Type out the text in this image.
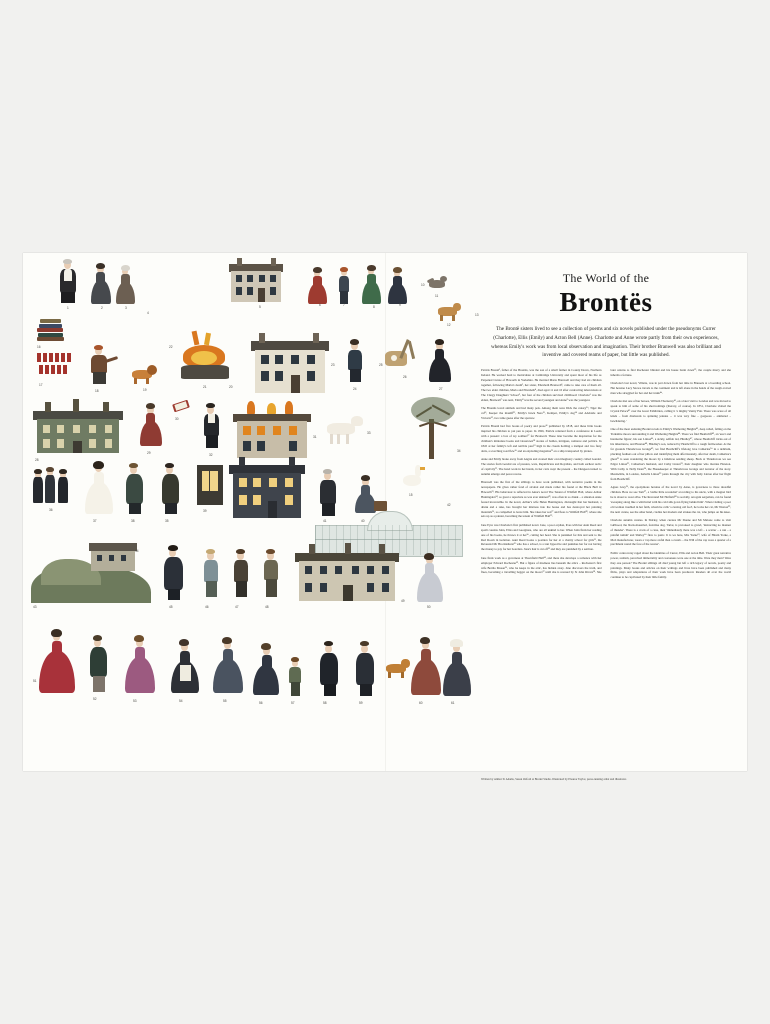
1	2	3	5	6	7	8	9
11
12
16
17
18	19
21
23
24
26
27
28
29
30
32
31
33
34
36
37	38	35
39
41	40
15
42
43
44
45	46	47	48
49
50
51
52	53	54	55	56	57	58	59	60	61
4
10
13
20
22
25
The World of the
Brontës
The Brontë sisters lived to see a collection of poems and six novels published under the pseudonyms Currer (Charlotte), Ellis (Emily) and Acton Bell (Anne). Charlotte and Anne wrote partly from their own experiences, whereas Emily's work was from local observation and imagination. Their brother Branwell was also brilliant and inventive and covered reams of paper, but little was published.

Patrick Brontë¹, father of the Brontës, was the son of a small farmer in County Down, Northern Ireland. He worked hard to matriculate at Cambridge University and spent most of his life as Perpetual Curate of Haworth in Yorkshire. He married Maria Branwell and they had six children together, following Maria's death², her sister, Elizabeth Branwell³, came to take care of them all. The two elder children, Maria and Elizabeth⁴, died aged 11 and 10 after contracting tuberculosis at The Clergy Daughters' School⁵, but four of the children survived childhood: Charlotte⁶ was the eldest, Branwell⁷ was next, Emily⁸ was the second youngest and Anne⁹ was the youngest.

The Brontës loved animals and had many pets. Among them were Dick the canary¹⁰, Tiger the cat¹¹, Keeper the mastiff¹², Emily's hawk Nero¹³, Kemper, Emily's dog¹⁴ and Adelaide and Victoria¹⁵, two tame geese after the sparrow.

Patrick Brontë had five books of poetry and prose¹⁶ published by 1818, and these little books inspired his children to put pen to paper. In 1826, Patrick returned from a conference in Leeds with a present: a box of toy soldiers¹⁷ for Branwell. These later became the inspiration for the children's miniature books and Glasstown¹⁸ stories of battles, intrigues, romance and politics. In 1845 at her family's left and terrible pass¹⁹ high in the clouds holding a trumpet and two fiery darts, a scorching road flew²⁰ and an exploding magazine²¹ on a ship transported by pirates.

Anne and Emily broke away from Angria and created their own imaginary country called Gondal. The stories from Gondal are of passion, wars, Republicans and Royalists, and both earliest rectic of captivity²². The hotel work in her hands, in her carts wept the present – the Dungeon turned to autumn emerge and peace rescue.

Branwell was the first of the siblings to have work published, with narrative poems in the newspapers. He gives rather fond of alcohol and made rather his found at the Black Bull in Haworth²³. His behaviour is reflected in Anne's novel The Tenant of Wildfell Hall, where Arthur Huntingdon²⁴, so great a reprobate as was ever skinned²⁵, was often in so drunk – a situation Anne feared irreversible. In the novel, Arthur's wife Helen Huntingdon, distraught that her husband, a drunk and a rake, has brought her mistress into the house and has destroyed her painting materials²⁶, so compelled to leave him. She takes her son²⁷ and flees to Wildfell Hall²⁸, where she sets up as a painter, becoming the tenant of Wildfell Hall²⁹.

Jane Eyre was Charlotte's first published novel. Jane, a poor orphan, lives with her Aunt Reed and spoilt cousins John, Eliza and Georgiana, who are all unkind to her. When John finds her reading one of his books, he throws it at her³⁰, cutting her head. She is punished for this and sent to the Red Room in isolation. Aunt Reed books a position for her at a charity school for girls³¹, the Reverend Mr Brocklehurst³² who has a school, is a taut hypocrite and punishes her for not having the money to pay for her boarders. Jane's hair is cut off³³ and they are punished by a sermon.

Jane finds work as a governess at Thornfield Hall³⁴, and there she develops a romance with her employer Edward Rochester³⁵. But a figure of madness lies beneath the attics – Rochester's first wife Bertha Mason³⁶, who he keeps in the attic, has hidden away. Jane discovers the truth, and flees, becoming a travelling beggar on the moors³⁷ until she is rescued by St John Rivers³⁸. She later returns to find Rochester blinded and his house burnt down³⁹, the couple marry and she inherits a fortune.

Charlotte's last novel, Villette, was in part drawn from her time in Brussels at a boarding school. Her heroine Lucy Snowe travels to the continent and is left alone in the hands of the rough-voiced men who struggled for her and her trunk⁴⁰.

Charlotte met one of her heroes, William Thackeray⁴¹, on a later visit to London and was moved to speak to him of some of his shortcomings (literary, of course). In 1851, Charlotte visited the Crystal Palace⁴² over the Great Exhibition, calling it 'a mighty Vanity Fair. There was scare of all kinds – from diamonds to spinning jennies ... it was very fine – gorgeous – animated – bewildering.'

One of the most enduring Brontë novels is Emily's Wuthering Heights⁴³, deep rolled, falling on the Yorkshire moors surrounding it and Wuthering Heights⁴⁴. There we find Heathcliff⁴⁵, an 'erect and handsome figure', his son Linton⁴⁶, a sickly, selfish lad, Hindley⁴⁷, whose Heathcliff tricks out of his inheritance, and Hareton⁴⁸, Hindley's son, reduced by Heathcliff to a rough farmworker. At the far grounds Thrushcross Grange⁴⁹, we find Heathcliff's lifelong love Catherine⁵⁰ in a delirium, plucking feathers out of her pillow and identifying them affectionately, after her death, Catherine's ghost⁵¹ is seen wandering the moors by a hidebrae sending sheep. Back at Thrushcross we see Edgar Linton⁵², Catherine's husband, and Cathy Linton⁵³, their daughter who marries Hareton. With Cathy is Nelly Dean⁵⁴, the Housekeeper at Thrushcross Grange and narrator of the story. Meanwhile, in London, Isabella Linton⁵⁵ pants through the city with baby Linton after her flight from Heathcliff.

Agnes Grey⁵⁶, the eponymous heroine of the novel by Anne, is governess to three dreadful children. Here we see Tom⁵⁷, a 'stable little scoundrel' according to his uncle, with a magnet bird he is about to roast alive. The Reverend Mr Hatfield⁵⁸ is socially, arrogant sergeman, can be found 'sweeping along like a whirlwind with his cold silk gown flying behind him'. When visiting a poor old woman troubled in her faith, whom he calls 'a cursing old fool', he locks her cat, Mr Weston⁵⁹, the next curate, see the other hand, cradles her modern and strokes the cat, who jumps on his knee.

Charlotte autumn curates. In Shirley, when curates Mr Donne and Mr Malone come to visit Girlhood, the black-moustled, foul-like dog, Tartar, is provoked to growl, 'instructing no manner of thunder'. There is a crack of a cane, their 'immediately there was a left – a scatter – a run – a painful tumult' and Shirley⁶⁰ flew to panic. It is we here, Mrs Yorke⁶¹, wife of Hiram Yorke, a Mob manufacturer, wears a 'cap more awful than a cream ... the Will of the cap wore a quarter of a parchment round the face of the wearer'.

Public controversy raged about the identities of Currer, Ellis and Acton Bell. Their great narrative power, realism, perceived immortality and coarseness were one at the time. Were they men? Were they one person? The Brontë siblings all died young but left a rich legacy of novels, poetry and paintings. Many books and articles on their writings and lives have been published and many films, plays and adaptations of their work have been produced. Readers all over the world continue to be captivated by their little family.

Written by Amber St Adams, Susan Oxford at Brontë Studio. Illustrated by Eleanor Taylor, press-running artist and illustrator.
